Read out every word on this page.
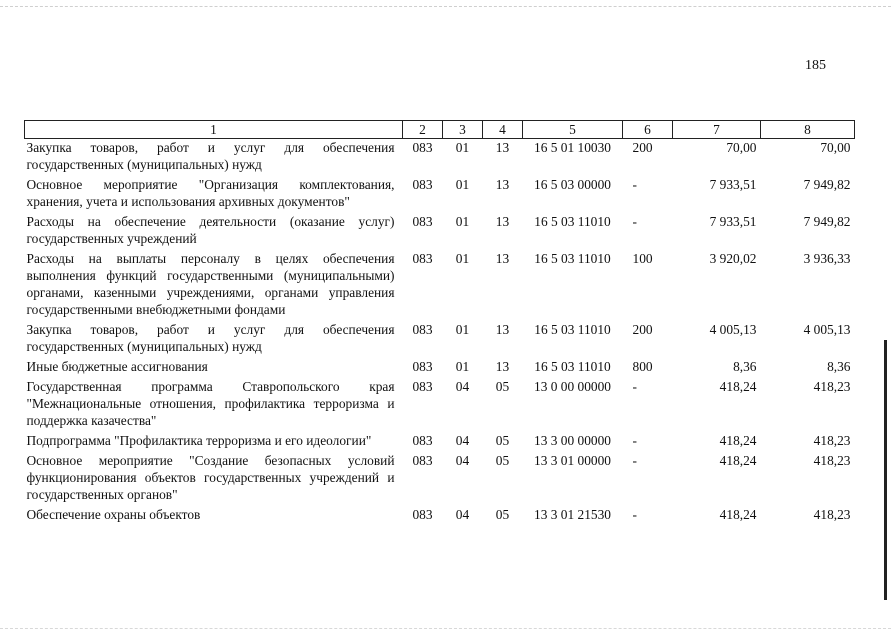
185
1	2	3	4	5	6	7	8
Закупка товаров, работ и услуг для обеспечения государственных (муниципальных) нужд	083	01	13	16 5 01 10030	200	70,00	70,00
Основное мероприятие "Организация комплектования, хранения, учета и использования архивных документов"	083	01	13	16 5 03 00000	-	7 933,51	7 949,82
Расходы на обеспечение деятельности (оказание услуг) государственных учреждений	083	01	13	16 5 03 11010	-	7 933,51	7 949,82
Расходы на выплаты персоналу в целях обеспечения выполнения функций государственными (муниципальными) органами, казенными учреждениями, органами управления государственными внебюджетными фондами	083	01	13	16 5 03 11010	100	3 920,02	3 936,33
Закупка товаров, работ и услуг для обеспечения государственных (муниципальных) нужд	083	01	13	16 5 03 11010	200	4 005,13	4 005,13
Иные бюджетные ассигнования	083	01	13	16 5 03 11010	800	8,36	8,36
Государственная программа Ставропольского края "Межнациональные отношения, профилактика терроризма и поддержка казачества"	083	04	05	13 0 00 00000	-	418,24	418,23
Подпрограмма "Профилактика терроризма и его идеологии"	083	04	05	13 3 00 00000	-	418,24	418,23
Основное мероприятие "Создание безопасных условий функционирования объектов государственных учреждений и государственных органов"	083	04	05	13 3 01 00000	-	418,24	418,23
Обеспечение охраны объектов	083	04	05	13 3 01 21530	-	418,24	418,23
